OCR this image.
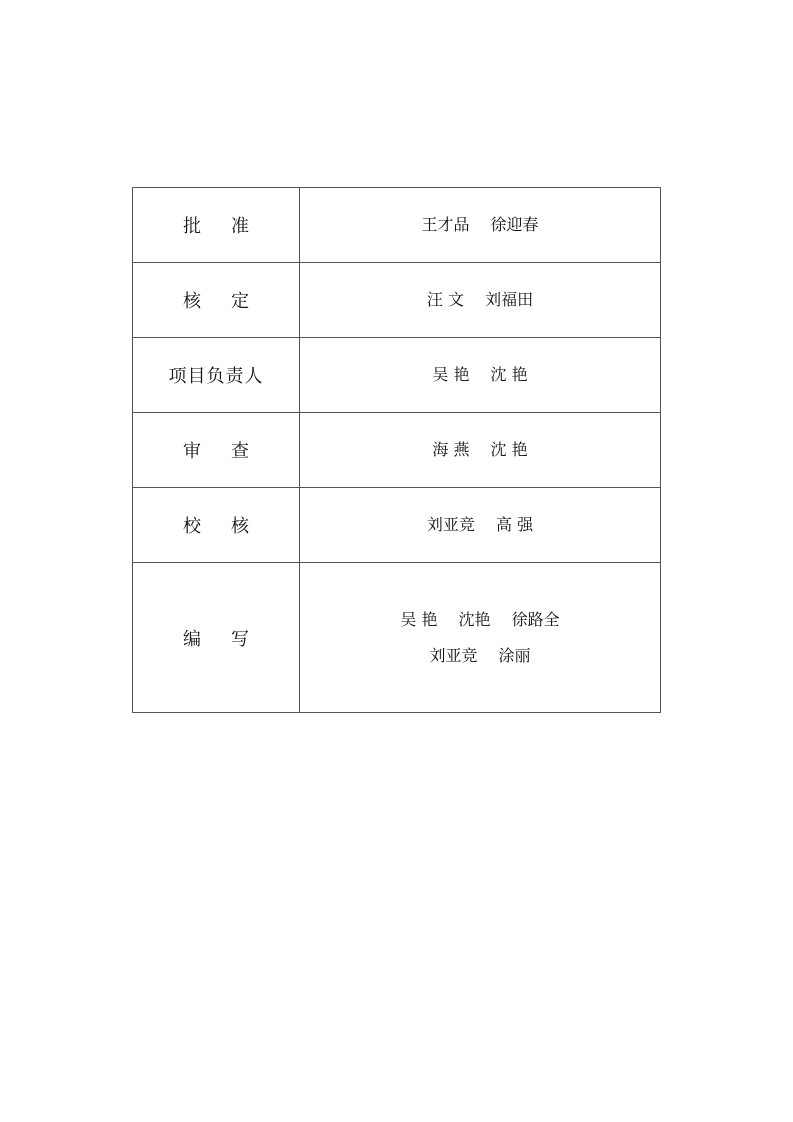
批 准	王才品　 徐迎春

核 定	汪 文　 刘福田

项目负责人	吴 艳　 沈 艳

审 查	海 燕　 沈 艳

校 核	刘亚竞　 高 强

编 写	吴 艳　 沈艳　 徐路全
刘亚竞　 涂丽
